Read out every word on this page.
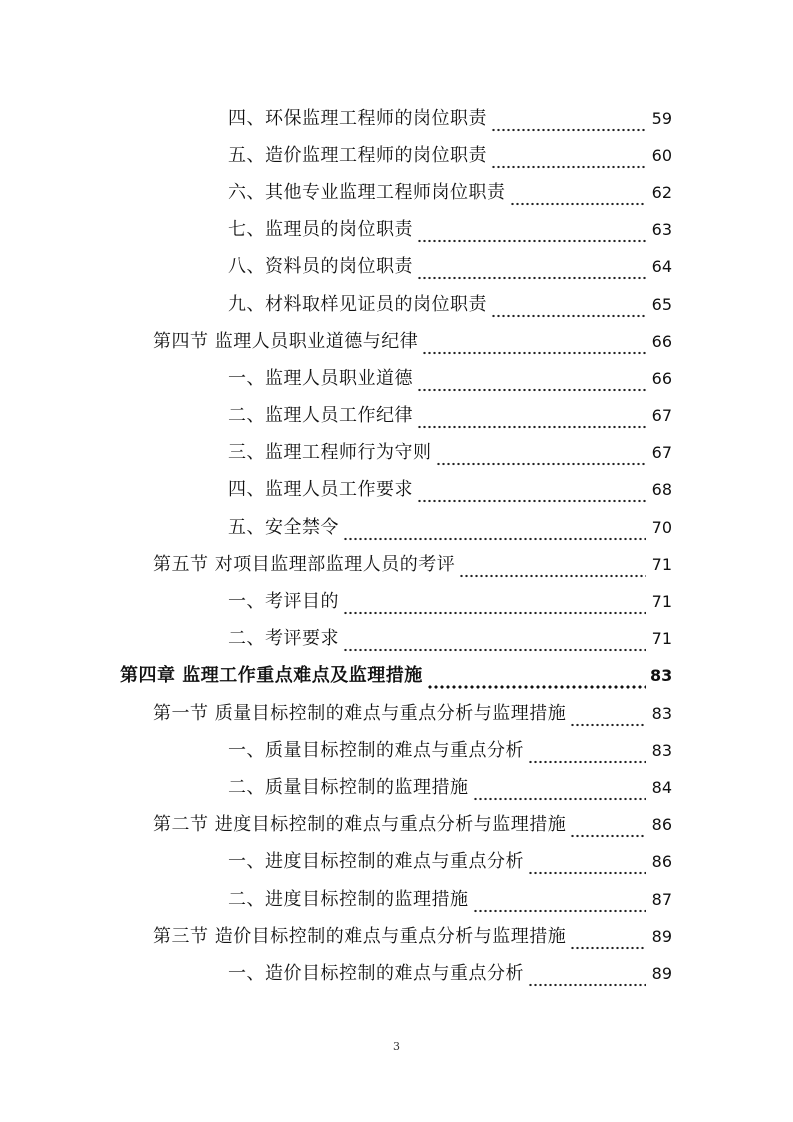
四、环保监理工程师的岗位职责	59
五、造价监理工程师的岗位职责	60
六、其他专业监理工程师岗位职责	62
七、监理员的岗位职责	63
八、资料员的岗位职责	64
九、材料取样见证员的岗位职责	65
第四节 监理人员职业道德与纪律	66
一、监理人员职业道德	66
二、监理人员工作纪律	67
三、监理工程师行为守则	67
四、监理人员工作要求	68
五、安全禁令	70
第五节 对项目监理部监理人员的考评	71
一、考评目的	71
二、考评要求	71
第四章 监理工作重点难点及监理措施	83
第一节 质量目标控制的难点与重点分析与监理措施	83
一、质量目标控制的难点与重点分析	83
二、质量目标控制的监理措施	84
第二节 进度目标控制的难点与重点分析与监理措施	86
一、进度目标控制的难点与重点分析	86
二、进度目标控制的监理措施	87
第三节 造价目标控制的难点与重点分析与监理措施	89
一、造价目标控制的难点与重点分析	89
3
